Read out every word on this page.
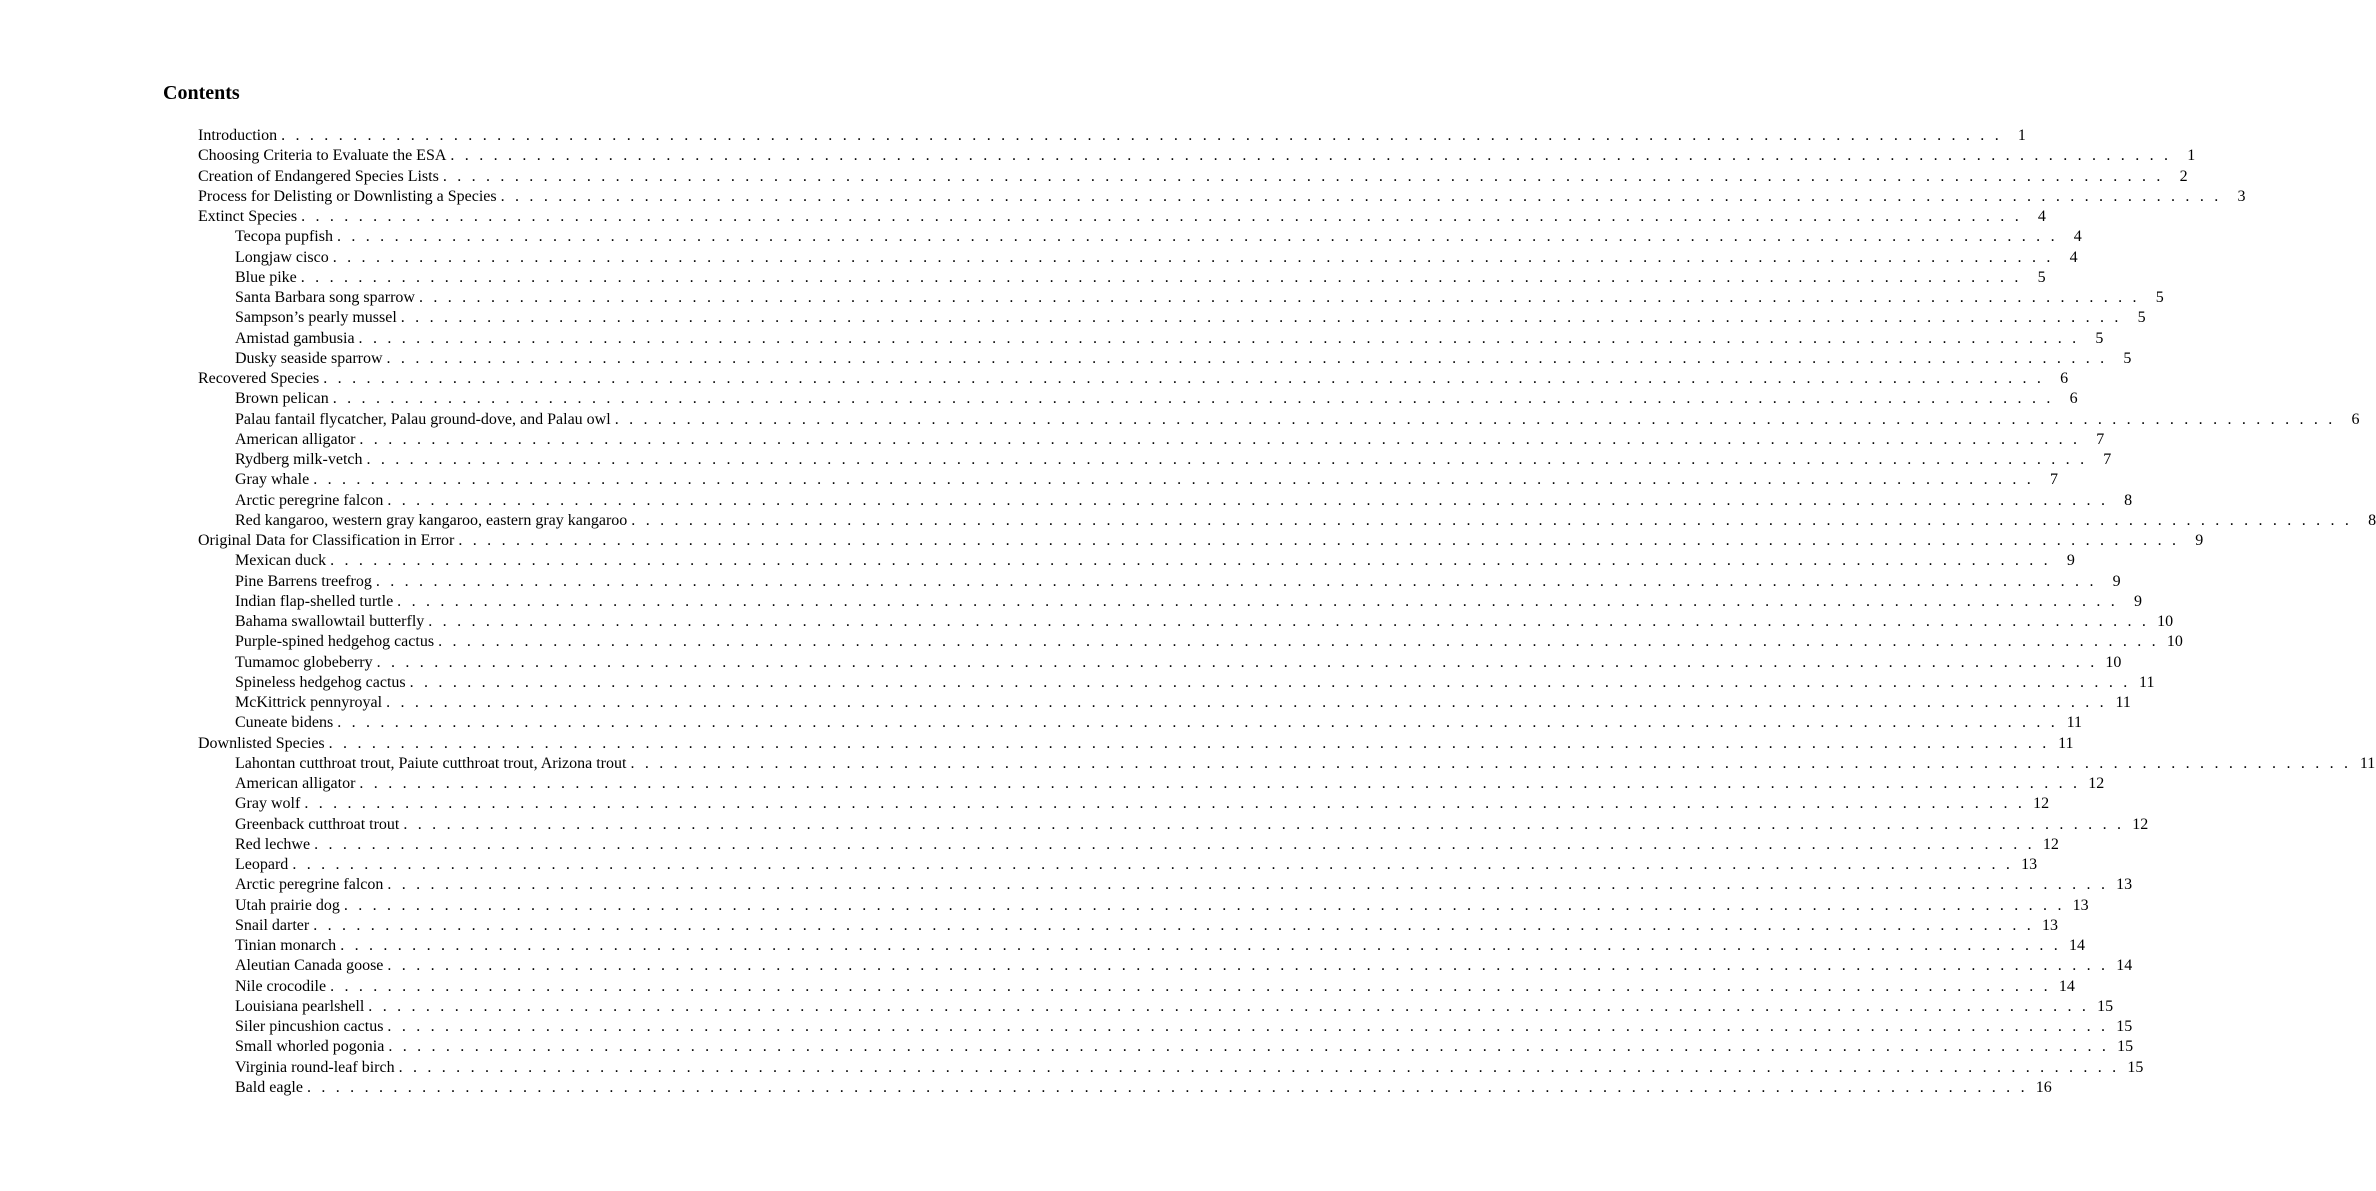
Contents
Introduction . . . . . . . . . . . . . . . . . . . . . . . . . . . . . . . . . . . . . . . . . . . . . . . . . . . . . . . . . . . . . . . . . . . . . . . . . . . . . . . . . . . . . . . . . . . . . . . . . . . . . . . . . . . . . . . . . . . . . . . .	1
Choosing Criteria to Evaluate the ESA . . . . . . . . . . . . . . . . . . . . . . . . . . . . . . . . . . . . . . . . . . . . . . . . . . . . . . . . . . . . . . . . . . . . . . . . . . . . . . . . . . . . . . . . . . . . . . . . . . . . . . . . . . . . . . . . . . . . . . . .	1
Creation of Endangered Species Lists . . . . . . . . . . . . . . . . . . . . . . . . . . . . . . . . . . . . . . . . . . . . . . . . . . . . . . . . . . . . . . . . . . . . . . . . . . . . . . . . . . . . . . . . . . . . . . . . . . . . . . . . . . . . . . . . . . . . . . . .	2
Process for Delisting or Downlisting a Species . . . . . . . . . . . . . . . . . . . . . . . . . . . . . . . . . . . . . . . . . . . . . . . . . . . . . . . . . . . . . . . . . . . . . . . . . . . . . . . . . . . . . . . . . . . . . . . . . . . . . . . . . . . . . . . . . . . . . . . .	3
Extinct Species . . . . . . . . . . . . . . . . . . . . . . . . . . . . . . . . . . . . . . . . . . . . . . . . . . . . . . . . . . . . . . . . . . . . . . . . . . . . . . . . . . . . . . . . . . . . . . . . . . . . . . . . . . . . . . . . . . . . . . . .	4
Tecopa pupfish . . . . . . . . . . . . . . . . . . . . . . . . . . . . . . . . . . . . . . . . . . . . . . . . . . . . . . . . . . . . . . . . . . . . . . . . . . . . . . . . . . . . . . . . . . . . . . . . . . . . . . . . . . . . . . . . . . . . . . . .	4
Longjaw cisco . . . . . . . . . . . . . . . . . . . . . . . . . . . . . . . . . . . . . . . . . . . . . . . . . . . . . . . . . . . . . . . . . . . . . . . . . . . . . . . . . . . . . . . . . . . . . . . . . . . . . . . . . . . . . . . . . . . . . . . .	4
Blue pike . . . . . . . . . . . . . . . . . . . . . . . . . . . . . . . . . . . . . . . . . . . . . . . . . . . . . . . . . . . . . . . . . . . . . . . . . . . . . . . . . . . . . . . . . . . . . . . . . . . . . . . . . . . . . . . . . . . . . . . .	5
Santa Barbara song sparrow . . . . . . . . . . . . . . . . . . . . . . . . . . . . . . . . . . . . . . . . . . . . . . . . . . . . . . . . . . . . . . . . . . . . . . . . . . . . . . . . . . . . . . . . . . . . . . . . . . . . . . . . . . . . . . . . . . . . . . . .	5
Sampson’s pearly mussel . . . . . . . . . . . . . . . . . . . . . . . . . . . . . . . . . . . . . . . . . . . . . . . . . . . . . . . . . . . . . . . . . . . . . . . . . . . . . . . . . . . . . . . . . . . . . . . . . . . . . . . . . . . . . . . . . . . . . . . .	5
Amistad gambusia . . . . . . . . . . . . . . . . . . . . . . . . . . . . . . . . . . . . . . . . . . . . . . . . . . . . . . . . . . . . . . . . . . . . . . . . . . . . . . . . . . . . . . . . . . . . . . . . . . . . . . . . . . . . . . . . . . . . . . . .	5
Dusky seaside sparrow . . . . . . . . . . . . . . . . . . . . . . . . . . . . . . . . . . . . . . . . . . . . . . . . . . . . . . . . . . . . . . . . . . . . . . . . . . . . . . . . . . . . . . . . . . . . . . . . . . . . . . . . . . . . . . . . . . . . . . . .	5
Recovered Species . . . . . . . . . . . . . . . . . . . . . . . . . . . . . . . . . . . . . . . . . . . . . . . . . . . . . . . . . . . . . . . . . . . . . . . . . . . . . . . . . . . . . . . . . . . . . . . . . . . . . . . . . . . . . . . . . . . . . . . .	6
Brown pelican . . . . . . . . . . . . . . . . . . . . . . . . . . . . . . . . . . . . . . . . . . . . . . . . . . . . . . . . . . . . . . . . . . . . . . . . . . . . . . . . . . . . . . . . . . . . . . . . . . . . . . . . . . . . . . . . . . . . . . . .	6
Palau fantail flycatcher, Palau ground-dove, and Palau owl . . . . . . . . . . . . . . . . . . . . . . . . . . . . . . . . . . . . . . . . . . . . . . . . . . . . . . . . . . . . . . . . . . . . . . . . . . . . . . . . . . . . . . . . . . . . . . . . . . . . . . . . . . . . . . . . . . . . . . . .	6
American alligator . . . . . . . . . . . . . . . . . . . . . . . . . . . . . . . . . . . . . . . . . . . . . . . . . . . . . . . . . . . . . . . . . . . . . . . . . . . . . . . . . . . . . . . . . . . . . . . . . . . . . . . . . . . . . . . . . . . . . . . .	7
Rydberg milk-vetch . . . . . . . . . . . . . . . . . . . . . . . . . . . . . . . . . . . . . . . . . . . . . . . . . . . . . . . . . . . . . . . . . . . . . . . . . . . . . . . . . . . . . . . . . . . . . . . . . . . . . . . . . . . . . . . . . . . . . . . .	7
Gray whale . . . . . . . . . . . . . . . . . . . . . . . . . . . . . . . . . . . . . . . . . . . . . . . . . . . . . . . . . . . . . . . . . . . . . . . . . . . . . . . . . . . . . . . . . . . . . . . . . . . . . . . . . . . . . . . . . . . . . . . .	7
Arctic peregrine falcon . . . . . . . . . . . . . . . . . . . . . . . . . . . . . . . . . . . . . . . . . . . . . . . . . . . . . . . . . . . . . . . . . . . . . . . . . . . . . . . . . . . . . . . . . . . . . . . . . . . . . . . . . . . . . . . . . . . . . . . .	8
Red kangaroo, western gray kangaroo, eastern gray kangaroo . . . . . . . . . . . . . . . . . . . . . . . . . . . . . . . . . . . . . . . . . . . . . . . . . . . . . . . . . . . . . . . . . . . . . . . . . . . . . . . . . . . . . . . . . . . . . . . . . . . . . . . . . . . . . . . . . . . . . . . .	8
Original Data for Classification in Error . . . . . . . . . . . . . . . . . . . . . . . . . . . . . . . . . . . . . . . . . . . . . . . . . . . . . . . . . . . . . . . . . . . . . . . . . . . . . . . . . . . . . . . . . . . . . . . . . . . . . . . . . . . . . . . . . . . . . . . .	9
Mexican duck . . . . . . . . . . . . . . . . . . . . . . . . . . . . . . . . . . . . . . . . . . . . . . . . . . . . . . . . . . . . . . . . . . . . . . . . . . . . . . . . . . . . . . . . . . . . . . . . . . . . . . . . . . . . . . . . . . . . . . . .	9
Pine Barrens treefrog . . . . . . . . . . . . . . . . . . . . . . . . . . . . . . . . . . . . . . . . . . . . . . . . . . . . . . . . . . . . . . . . . . . . . . . . . . . . . . . . . . . . . . . . . . . . . . . . . . . . . . . . . . . . . . . . . . . . . . . .	9
Indian flap-shelled turtle . . . . . . . . . . . . . . . . . . . . . . . . . . . . . . . . . . . . . . . . . . . . . . . . . . . . . . . . . . . . . . . . . . . . . . . . . . . . . . . . . . . . . . . . . . . . . . . . . . . . . . . . . . . . . . . . . . . . . . . .	9
Bahama swallowtail butterfly . . . . . . . . . . . . . . . . . . . . . . . . . . . . . . . . . . . . . . . . . . . . . . . . . . . . . . . . . . . . . . . . . . . . . . . . . . . . . . . . . . . . . . . . . . . . . . . . . . . . . . . . . . . . . . . . . . . . . . . . 10
Purple-spined hedgehog cactus . . . . . . . . . . . . . . . . . . . . . . . . . . . . . . . . . . . . . . . . . . . . . . . . . . . . . . . . . . . . . . . . . . . . . . . . . . . . . . . . . . . . . . . . . . . . . . . . . . . . . . . . . . . . . . . . . . . . . . . . 10
Tumamoc globeberry . . . . . . . . . . . . . . . . . . . . . . . . . . . . . . . . . . . . . . . . . . . . . . . . . . . . . . . . . . . . . . . . . . . . . . . . . . . . . . . . . . . . . . . . . . . . . . . . . . . . . . . . . . . . . . . . . . . . . . . . 10
Spineless hedgehog cactus . . . . . . . . . . . . . . . . . . . . . . . . . . . . . . . . . . . . . . . . . . . . . . . . . . . . . . . . . . . . . . . . . . . . . . . . . . . . . . . . . . . . . . . . . . . . . . . . . . . . . . . . . . . . . . . . . . . . . . . . 11
McKittrick pennyroyal . . . . . . . . . . . . . . . . . . . . . . . . . . . . . . . . . . . . . . . . . . . . . . . . . . . . . . . . . . . . . . . . . . . . . . . . . . . . . . . . . . . . . . . . . . . . . . . . . . . . . . . . . . . . . . . . . . . . . . . . 11
Cuneate bidens . . . . . . . . . . . . . . . . . . . . . . . . . . . . . . . . . . . . . . . . . . . . . . . . . . . . . . . . . . . . . . . . . . . . . . . . . . . . . . . . . . . . . . . . . . . . . . . . . . . . . . . . . . . . . . . . . . . . . . . . 11
Downlisted Species . . . . . . . . . . . . . . . . . . . . . . . . . . . . . . . . . . . . . . . . . . . . . . . . . . . . . . . . . . . . . . . . . . . . . . . . . . . . . . . . . . . . . . . . . . . . . . . . . . . . . . . . . . . . . . . . . . . . . . . . 11
Lahontan cutthroat trout, Paiute cutthroat trout, Arizona trout . . . . . . . . . . . . . . . . . . . . . . . . . . . . . . . . . . . . . . . . . . . . . . . . . . . . . . . . . . . . . . . . . . . . . . . . . . . . . . . . . . . . . . . . . . . . . . . . . . . . . . . . . . . . . . . . . . . . . . . . 11
American alligator . . . . . . . . . . . . . . . . . . . . . . . . . . . . . . . . . . . . . . . . . . . . . . . . . . . . . . . . . . . . . . . . . . . . . . . . . . . . . . . . . . . . . . . . . . . . . . . . . . . . . . . . . . . . . . . . . . . . . . . . 12
Gray wolf . . . . . . . . . . . . . . . . . . . . . . . . . . . . . . . . . . . . . . . . . . . . . . . . . . . . . . . . . . . . . . . . . . . . . . . . . . . . . . . . . . . . . . . . . . . . . . . . . . . . . . . . . . . . . . . . . . . . . . . . 12
Greenback cutthroat trout . . . . . . . . . . . . . . . . . . . . . . . . . . . . . . . . . . . . . . . . . . . . . . . . . . . . . . . . . . . . . . . . . . . . . . . . . . . . . . . . . . . . . . . . . . . . . . . . . . . . . . . . . . . . . . . . . . . . . . . . 12
Red lechwe . . . . . . . . . . . . . . . . . . . . . . . . . . . . . . . . . . . . . . . . . . . . . . . . . . . . . . . . . . . . . . . . . . . . . . . . . . . . . . . . . . . . . . . . . . . . . . . . . . . . . . . . . . . . . . . . . . . . . . . . 12
Leopard . . . . . . . . . . . . . . . . . . . . . . . . . . . . . . . . . . . . . . . . . . . . . . . . . . . . . . . . . . . . . . . . . . . . . . . . . . . . . . . . . . . . . . . . . . . . . . . . . . . . . . . . . . . . . . . . . . . . . . . . 13
Arctic peregrine falcon . . . . . . . . . . . . . . . . . . . . . . . . . . . . . . . . . . . . . . . . . . . . . . . . . . . . . . . . . . . . . . . . . . . . . . . . . . . . . . . . . . . . . . . . . . . . . . . . . . . . . . . . . . . . . . . . . . . . . . . . 13
Utah prairie dog . . . . . . . . . . . . . . . . . . . . . . . . . . . . . . . . . . . . . . . . . . . . . . . . . . . . . . . . . . . . . . . . . . . . . . . . . . . . . . . . . . . . . . . . . . . . . . . . . . . . . . . . . . . . . . . . . . . . . . . . 13
Snail darter . . . . . . . . . . . . . . . . . . . . . . . . . . . . . . . . . . . . . . . . . . . . . . . . . . . . . . . . . . . . . . . . . . . . . . . . . . . . . . . . . . . . . . . . . . . . . . . . . . . . . . . . . . . . . . . . . . . . . . . . 13
Tinian monarch . . . . . . . . . . . . . . . . . . . . . . . . . . . . . . . . . . . . . . . . . . . . . . . . . . . . . . . . . . . . . . . . . . . . . . . . . . . . . . . . . . . . . . . . . . . . . . . . . . . . . . . . . . . . . . . . . . . . . . . . 14
Aleutian Canada goose . . . . . . . . . . . . . . . . . . . . . . . . . . . . . . . . . . . . . . . . . . . . . . . . . . . . . . . . . . . . . . . . . . . . . . . . . . . . . . . . . . . . . . . . . . . . . . . . . . . . . . . . . . . . . . . . . . . . . . . . 14
Nile crocodile . . . . . . . . . . . . . . . . . . . . . . . . . . . . . . . . . . . . . . . . . . . . . . . . . . . . . . . . . . . . . . . . . . . . . . . . . . . . . . . . . . . . . . . . . . . . . . . . . . . . . . . . . . . . . . . . . . . . . . . . 14
Louisiana pearlshell . . . . . . . . . . . . . . . . . . . . . . . . . . . . . . . . . . . . . . . . . . . . . . . . . . . . . . . . . . . . . . . . . . . . . . . . . . . . . . . . . . . . . . . . . . . . . . . . . . . . . . . . . . . . . . . . . . . . . . . . 15
Siler pincushion cactus . . . . . . . . . . . . . . . . . . . . . . . . . . . . . . . . . . . . . . . . . . . . . . . . . . . . . . . . . . . . . . . . . . . . . . . . . . . . . . . . . . . . . . . . . . . . . . . . . . . . . . . . . . . . . . . . . . . . . . . . 15
Small whorled pogonia . . . . . . . . . . . . . . . . . . . . . . . . . . . . . . . . . . . . . . . . . . . . . . . . . . . . . . . . . . . . . . . . . . . . . . . . . . . . . . . . . . . . . . . . . . . . . . . . . . . . . . . . . . . . . . . . . . . . . . . . 15
Virginia round-leaf birch . . . . . . . . . . . . . . . . . . . . . . . . . . . . . . . . . . . . . . . . . . . . . . . . . . . . . . . . . . . . . . . . . . . . . . . . . . . . . . . . . . . . . . . . . . . . . . . . . . . . . . . . . . . . . . . . . . . . . . . . 15
Bald eagle . . . . . . . . . . . . . . . . . . . . . . . . . . . . . . . . . . . . . . . . . . . . . . . . . . . . . . . . . . . . . . . . . . . . . . . . . . . . . . . . . . . . . . . . . . . . . . . . . . . . . . . . . . . . . . . . . . . . . . . . 16
